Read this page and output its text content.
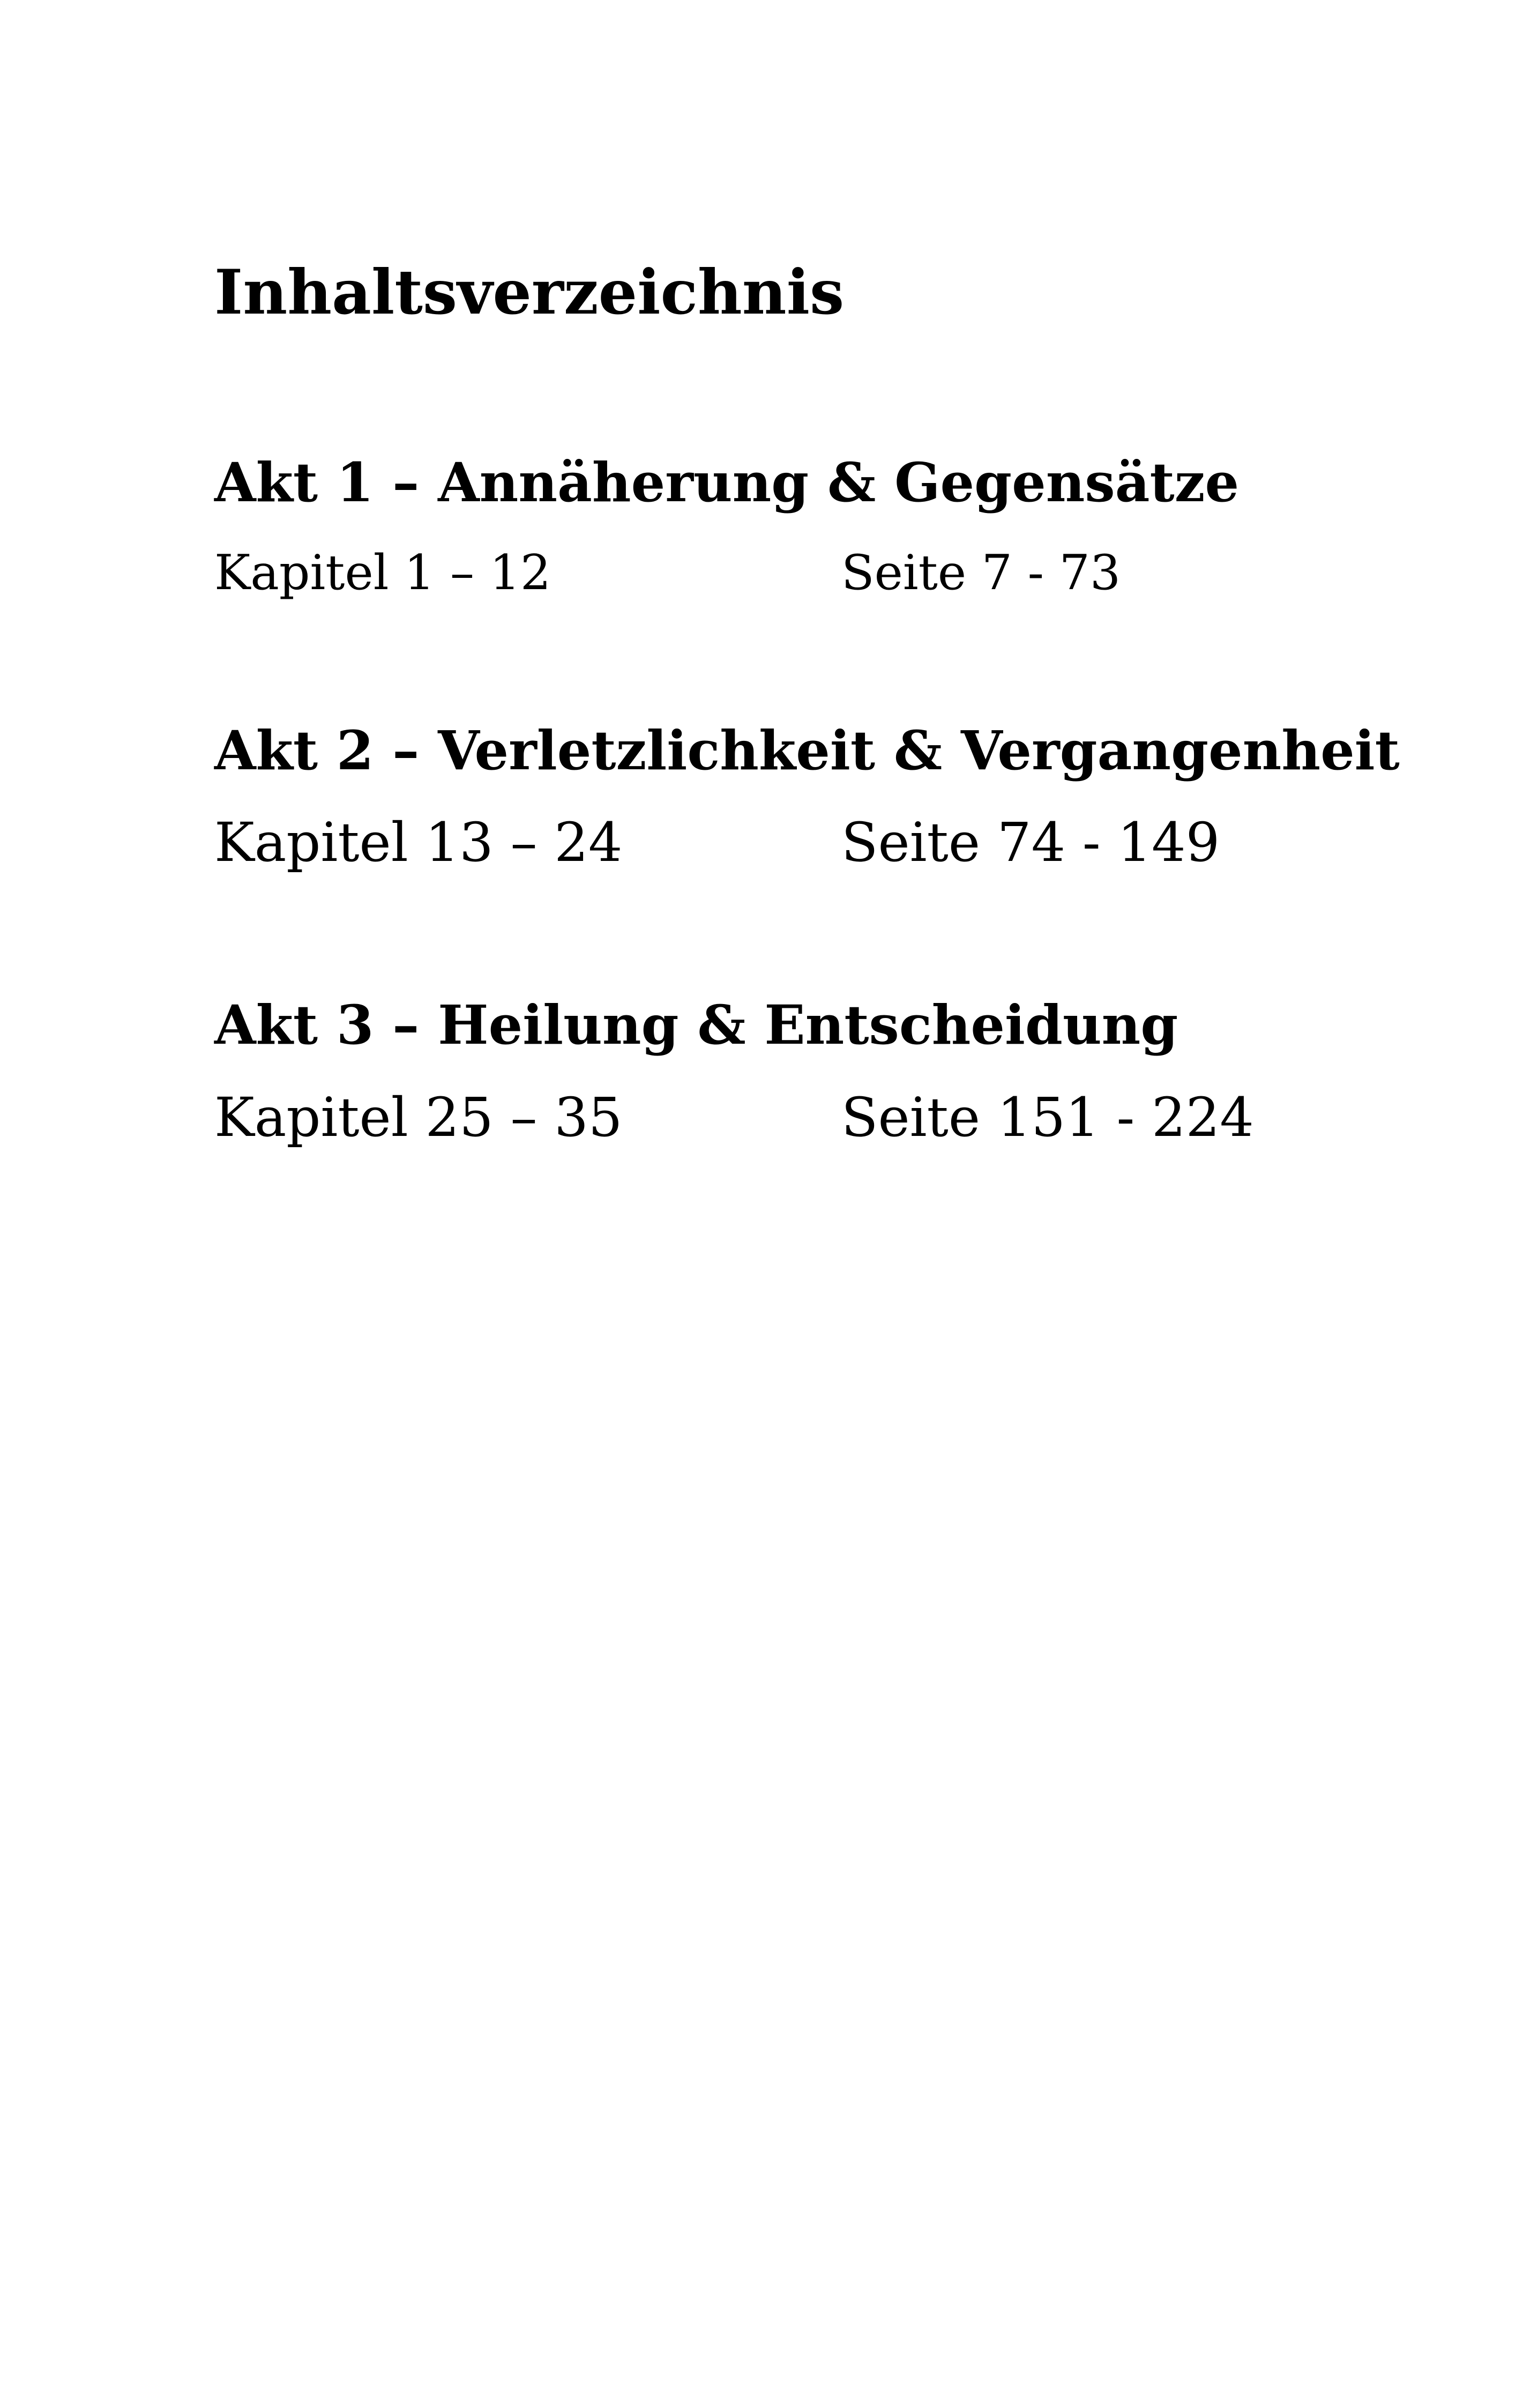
Inhaltsverzeichnis
Akt 1 – Annäherung & Gegensätze
Kapitel 1 – 12	Seite 7 - 73
Akt 2 – Verletzlichkeit & Vergangenheit
Kapitel 13 – 24	Seite 74 - 149
Akt 3 – Heilung & Entscheidung
Kapitel 25 – 35	Seite 151 - 224
